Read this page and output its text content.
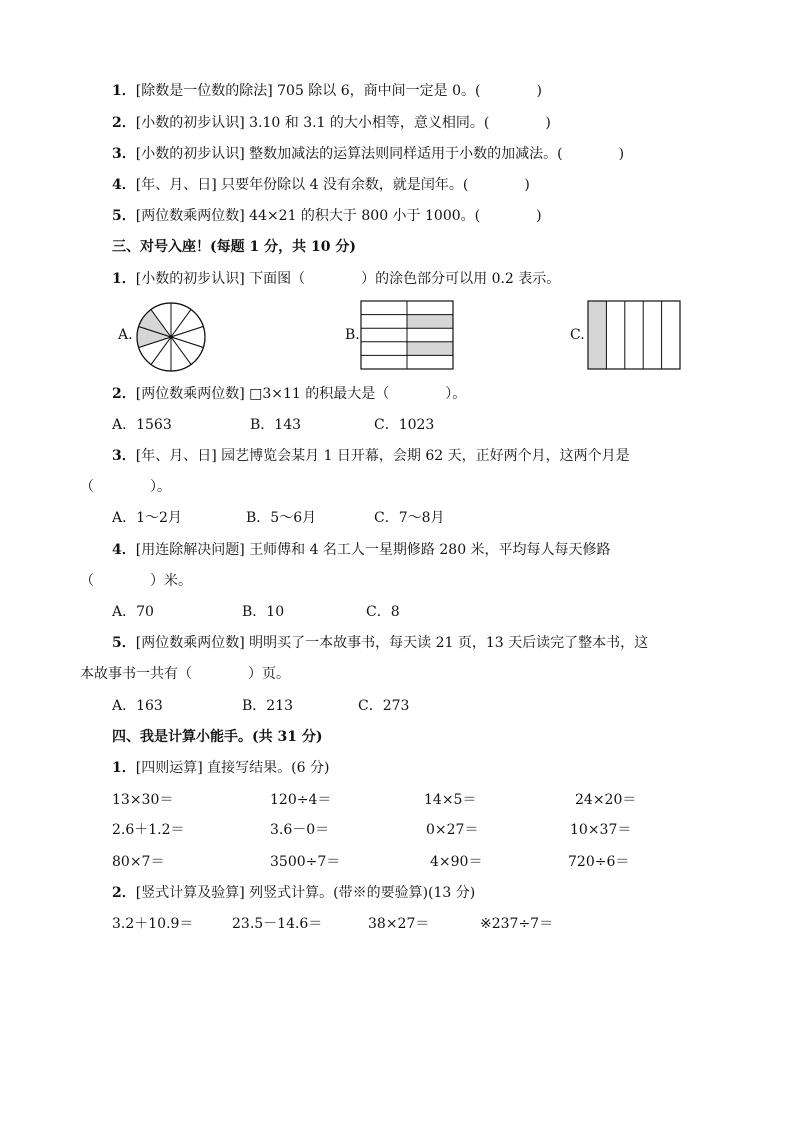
1．[除数是一位数的除法] 705 除以 6，商中间一定是 0。(　　　　)
2．[小数的初步认识] 3.10 和 3.1 的大小相等，意义相同。(　　　　)
3．[小数的初步认识] 整数加减法的运算法则同样适用于小数的加减法。(　　　　)
4．[年、月、日] 只要年份除以 4 没有余数，就是闰年。(　　　　)
5．[两位数乘两位数] 44×21 的积大于 800 小于 1000。(　　　　)
三、对号入座！(每题 1 分，共 10 分)
1．[小数的初步认识] 下面图（　　　　）的涂色部分可以用 0.2 表示。
A.	B.	C.
2．[两位数乘两位数] □3×11 的积最大是（　　　　）。
A．1563	B．143	C．1023
3．[年、月、日] 园艺博览会某月 1 日开幕，会期 62 天，正好两个月，这两个月是
（　　　　）。
A．1～2月	B．5～6月	C．7～8月
4．[用连除解决问题] 王师傅和 4 名工人一星期修路 280 米，平均每人每天修路
（　　　　）米。
A．70	B．10	C．8
5．[两位数乘两位数] 明明买了一本故事书，每天读 21 页，13 天后读完了整本书，这
本故事书一共有（　　　　）页。
A．163	B．213	C．273
四、我是计算小能手。(共 31 分)
1．[四则运算] 直接写结果。(6 分)
13×30＝	120÷4＝	14×5＝	24×20＝
2.6＋1.2＝	3.6－0＝	0×27＝	10×37＝
80×7＝	3500÷7＝	4×90＝	720÷6＝
2．[竖式计算及验算] 列竖式计算。(带※的要验算)(13 分)
3.2＋10.9＝	23.5－14.6＝	38×27＝	※237÷7＝
